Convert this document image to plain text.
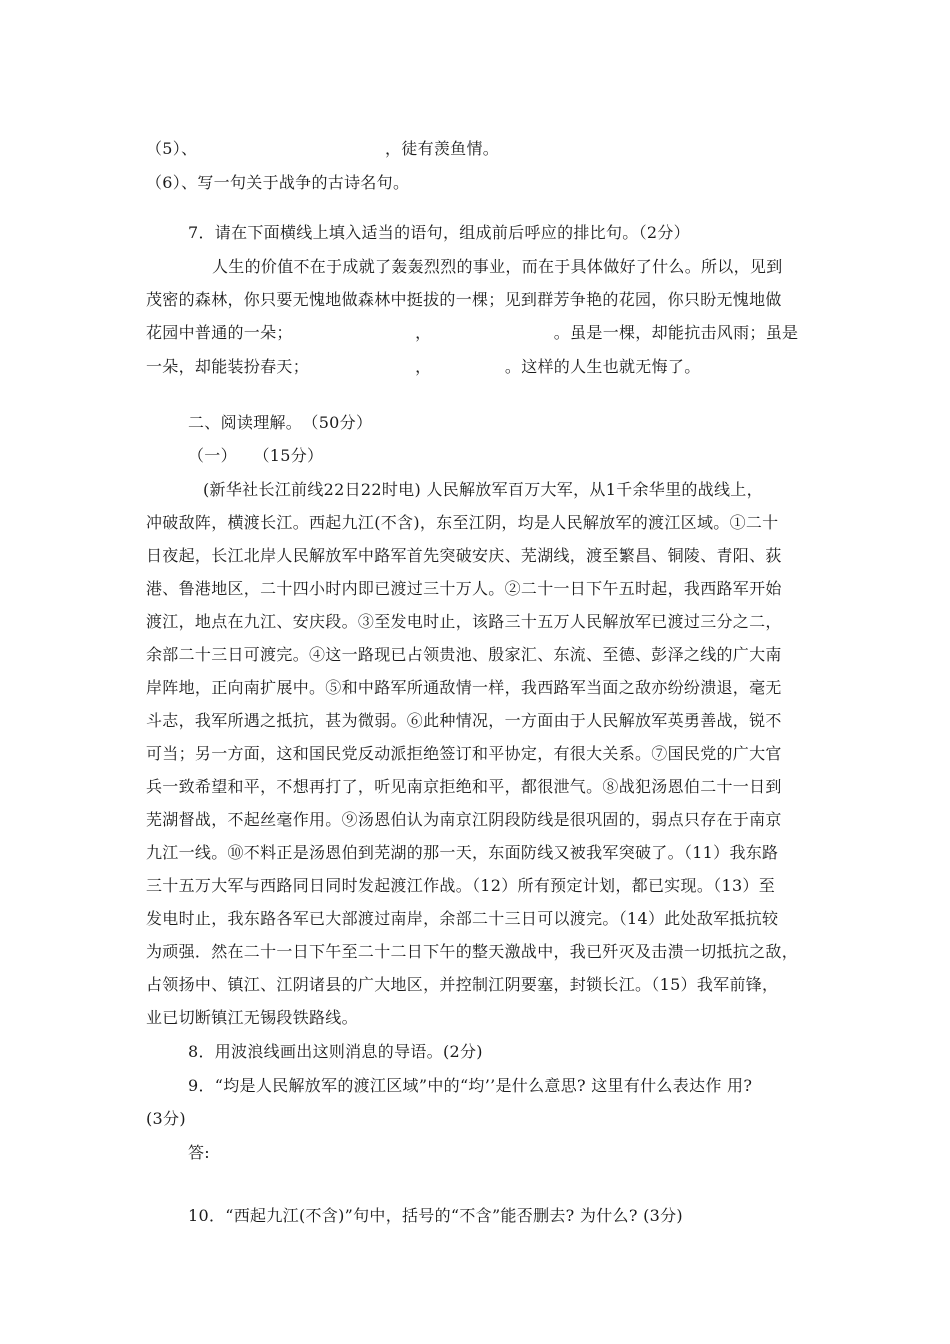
（5）、　　　　　　　　　　　　，徒有羡鱼情。
（6）、写一句关于战争的古诗名句。
7．请在下面横线上填入适当的语句，组成前后呼应的排比句。（2分）
人生的价值不在于成就了轰轰烈烈的事业，而在于具体做好了什么。所以，见到
茂密的森林，你只要无愧地做森林中挺拔的一棵；见到群芳争艳的花园，你只盼无愧地做
花园中普通的一朵；　　　　　　　　，　　　　　　　　。虽是一棵，却能抗击风雨；虽是
一朵，却能装扮春天；　　　　　　　，　　　　　。这样的人生也就无悔了。
二、阅读理解。　（50分）
（一）　　（15分）
(新华社长江前线22日22时电) 人民解放军百万大军，从1千余华里的战线上，
冲破敌阵，横渡长江。西起九江(不含)，东至江阴，均是人民解放军的渡江区域。①二十
日夜起，长江北岸人民解放军中路军首先突破安庆、芜湖线，渡至繁昌、铜陵、青阳、荻
港、鲁港地区，二十四小时内即已渡过三十万人。②二十一日下午五时起，我西路军开始
渡江，地点在九江、安庆段。③至发电时止，该路三十五万人民解放军已渡过三分之二，
余部二十三日可渡完。④这一路现已占领贵池、殷家汇、东流、至德、彭泽之线的广大南
岸阵地，正向南扩展中。⑤和中路军所通敌情一样，我西路军当面之敌亦纷纷溃退，毫无
斗志，我军所遇之抵抗，甚为微弱。⑥此种情况，一方面由于人民解放军英勇善战，锐不
可当；另一方面，这和国民党反动派拒绝签订和平协定，有很大关系。⑦国民党的广大官
兵一致希望和平，不想再打了，听见南京拒绝和平，都很泄气。⑧战犯汤恩伯二十一日到
芜湖督战，不起丝毫作用。⑨汤恩伯认为南京江阴段防线是很巩固的，弱点只存在于南京
九江一线。⑩不料正是汤恩伯到芜湖的那一天，东面防线又被我军突破了。（11）我东路
三十五万大军与西路同日同时发起渡江作战。（12）所有预定计划，都已实现。（13）至
发电时止，我东路各军已大部渡过南岸，余部二十三日可以渡完。（14）此处敌军抵抗较
为顽强．然在二十一日下午至二十二日下午的整天激战中，我已歼灭及击溃一切抵抗之敌，
占领扬中、镇江、江阴诸县的广大地区，并控制江阴要塞，封锁长江。（15）我军前锋，
业已切断镇江无锡段铁路线。
8．用波浪线画出这则消息的导语。(2分)
9．“均是人民解放军的渡江区域”中的“均’’是什么意思? 这里有什么表达作 用?
(3分)
答:
10．“西起九江(不含)”句中，括号的“不含”能否删去? 为什么? (3分)
